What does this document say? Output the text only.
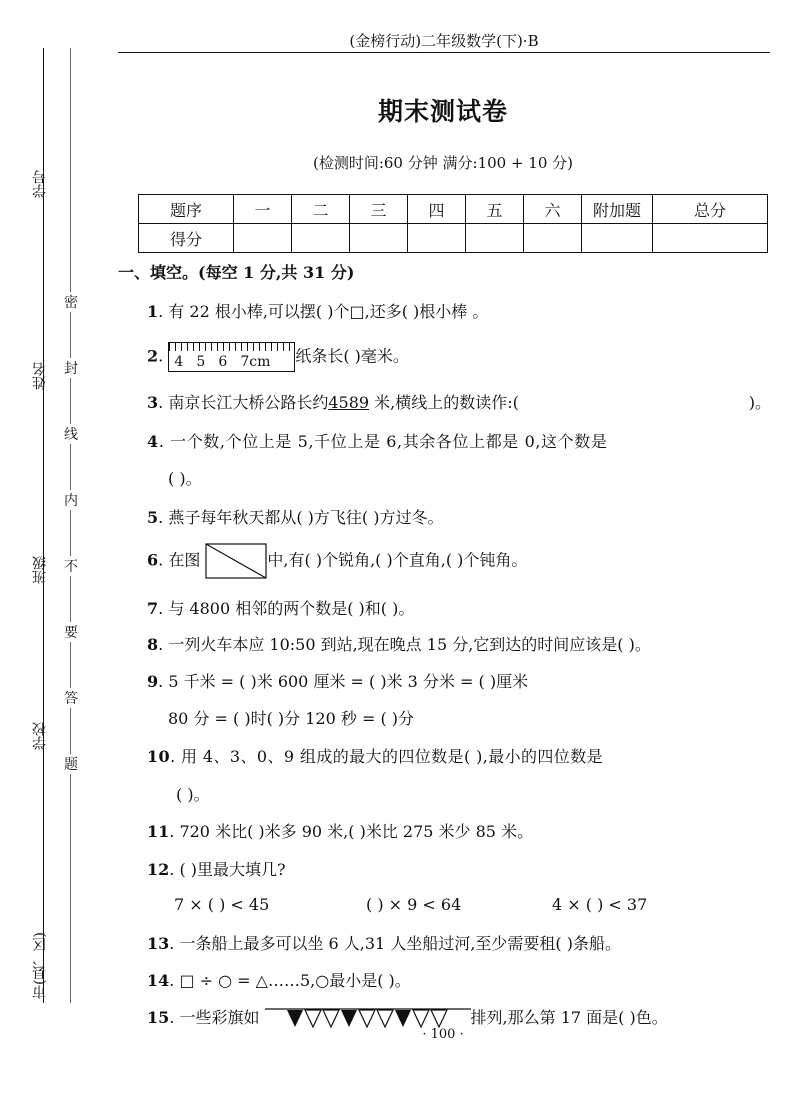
学号
姓名
班级
学校
市(县、区)
密
封
线
内
不
要
答
题
(金榜行动)二年级数学(下)·B
期末测试卷
(检测时间:60 分钟 满分:100 + 10 分)
题序	一	二	三	四	五	六	附加题	总分
得分								
一、填空。(每空 1 分,共 31 分)
1. 有 22 根小棒,可以摆( )个□,还多( )根小棒 。
2. 4 5 6 7cm	纸条长( )毫米。
3. 南京长江大桥公路长约4589 米,横线上的数读作:(	)。
4. 一个数,个位上是 5,千位上是 6,其余各位上都是 0,这个数是
( )。
5. 燕子每年秋天都从( )方飞往( )方过冬。
6. 在图	中,有( )个锐角,( )个直角,( )个钝角。
7. 与 4800 相邻的两个数是( )和( )。
8. 一列火车本应 10:50 到站,现在晚点 15 分,它到达的时间应该是( )。
9. 5 千米 = ( )米 600 厘米 = ( )米 3 分米 = ( )厘米
80 分 = ( )时( )分 120 秒 = ( )分
10. 用 4、3、0、9 组成的最大的四位数是( ),最小的四位数是
( )。
11. 720 米比( )米多 90 米,( )米比 275 米少 85 米。
12. ( )里最大填几?
7 × ( ) < 45	( ) × 9 < 64	4 × ( ) < 37
13. 一条船上最多可以坐 6 人,31 人坐船过河,至少需要租( )条船。
14. □ ÷ ○ = △……5,○最小是( )。
15. 一些彩旗如	排列,那么第 17 面是( )色。
· 100 ·
